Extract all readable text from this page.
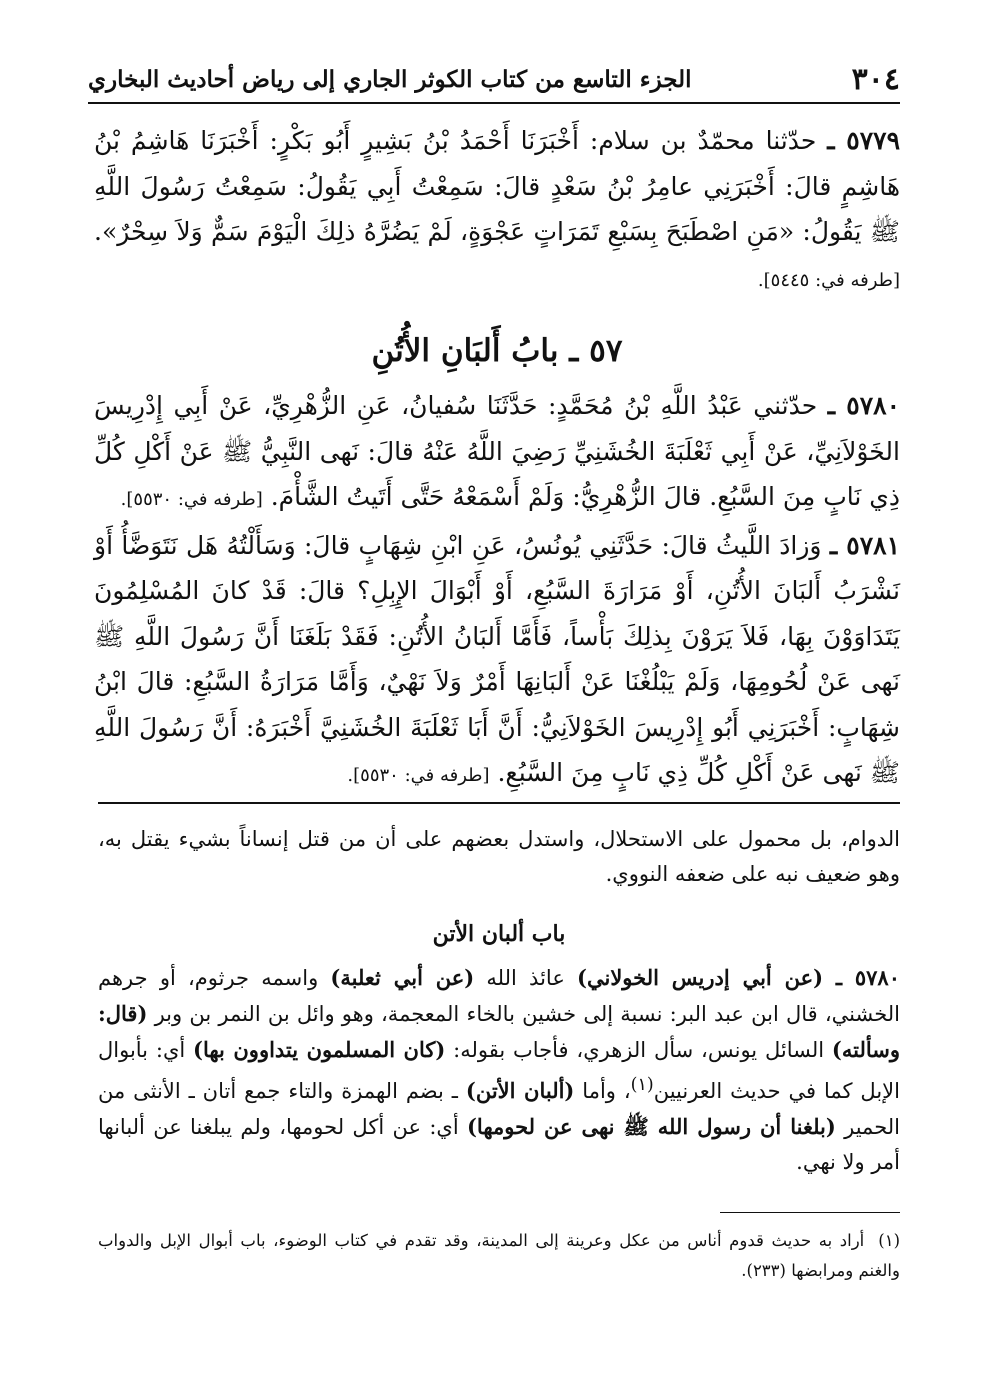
٣٠٤
الجزء التاسع من كتاب الكوثر الجاري إلى رياض أحاديث البخاري

٥٧٧٩ ـ حدّثنا محمّدٌ بن سلام: أَخْبَرَنَا أَحْمَدُ بْنُ بَشِيرٍ أَبُو بَكْرٍ: أَخْبَرَنَا هَاشِمُ بْنُ هَاشِمٍ قالَ: أَخْبَرَنِي عامِرُ بْنُ سَعْدٍ قالَ: سَمِعْتُ أَبِي يَقُولُ: سَمِعْتُ رَسُولَ اللَّهِ ﷺ يَقُولُ: «مَنِ اصْطَبَحَ بِسَبْعِ تَمَرَاتٍ عَجْوَةٍ، لَمْ يَضُرَّهُ ذلِكَ الْيَوْمَ سَمٌّ وَلاَ سِحْرٌ». [طرفه في: ٥٤٤٥].

٥٧ ـ بابُ أَلبَانِ الأُتُنِ

٥٧٨٠ ـ حدّثني عَبْدُ اللَّهِ بْنُ مُحَمَّدٍ: حَدَّثَنَا سُفيانُ، عَنِ الزُّهْرِيِّ، عَنْ أَبِي إِدْرِيسَ الخَوْلاَنِيِّ، عَنْ أَبِي ثَعْلَبَةَ الخُشَنِيِّ رَضِيَ اللَّهُ عَنْهُ قالَ: نَهى النَّبِيُّ ﷺ عَنْ أَكْلِ كُلِّ ذِي نَابٍ مِنَ السَّبُعِ. قالَ الزُّهْرِيُّ: وَلَمْ أَسْمَعْهُ حَتَّى أَتَيتُ الشَّأْمَ. [طرفه في: ٥٥٣٠].

٥٧٨١ ـ وَزادَ اللَّيثُ قالَ: حَدَّثَنِي يُونُسُ، عَنِ ابْنِ شِهَابٍ قالَ: وَسَأَلْتُهُ هَل نَتَوَضَّأُ أَوْ نَشْرَبُ أَلبَانَ الأُتُنِ، أَوْ مَرَارَةَ السَّبُعِ، أَوْ أَبْوَالَ الإِبِلِ؟ قالَ: قَدْ كانَ المُسْلِمُونَ يَتَدَاوَوْنَ بِهَا، فَلاَ يَرَوْنَ بِذلِكَ بَأْساً، فَأَمَّا أَلبَانُ الأُتُنِ: فَقَدْ بَلَغَنَا أَنَّ رَسُولَ اللَّهِ ﷺ نَهى عَنْ لُحُومِهَا، وَلَمْ يَبْلُغْنَا عَنْ أَلبَانِهَا أَمْرٌ وَلاَ نَهْيٌ، وَأَمَّا مَرَارَةُ السَّبُعِ: قالَ ابْنُ شِهَابٍ: أَخْبَرَنِي أَبُو إِدْرِيسَ الخَوْلاَنِيُّ: أَنَّ أَبَا ثَعْلَبَةَ الخُشَنِيَّ أَخْبَرَهُ: أَنَّ رَسُولَ اللَّهِ ﷺ نَهى عَنْ أَكْلِ كُلِّ ذِي نَابٍ مِنَ السَّبُعِ. [طرفه في: ٥٥٣٠].

الدوام، بل محمول على الاستحلال، واستدل بعضهم على أن من قتل إنساناً بشيء يقتل به، وهو ضعيف نبه على ضعفه النووي.

باب ألبان الأتن

٥٧٨٠ ـ (عن أبي إدريس الخولاني) عائذ الله (عن أبي ثعلبة) واسمه جرثوم، أو جرهم الخشني، قال ابن عبد البر: نسبة إلى خشين بالخاء المعجمة، وهو وائل بن النمر بن وبر (قال: وسألته) السائل يونس، سأل الزهري، فأجاب بقوله: (كان المسلمون يتداوون بها) أي: بأبوال الإبل كما في حديث العرنيين$^{(١)}$، وأما (ألبان الأتن) ـ بضم الهمزة والتاء جمع أتان ـ الأنثى من الحمير (بلغنا أن رسول الله ﷺ نهى عن لحومها) أي: عن أكل لحومها، ولم يبلغنا عن ألبانها أمر ولا نهي.

(١)أراد به حديث قدوم أناس من عكل وعرينة إلى المدينة، وقد تقدم في كتاب الوضوء، باب أبوال الإبل والدواب والغنم ومرابضها (٢٣٣).
